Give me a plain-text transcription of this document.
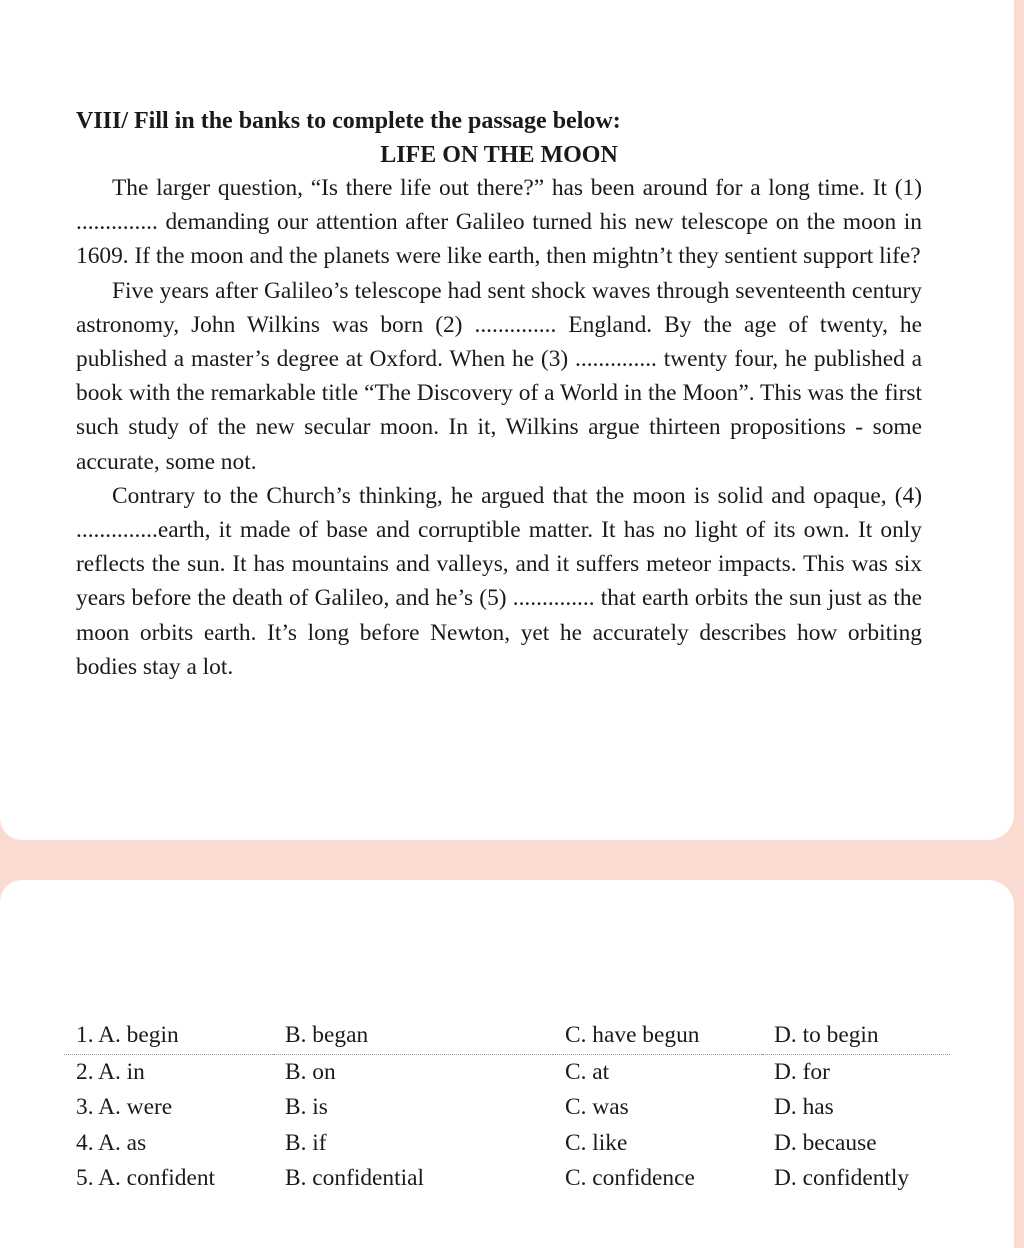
VIII/ Fill in the banks to complete the passage below:
LIFE ON THE MOON

The larger question, “Is there life out there?” has been around for a long time. It (1) .............. demanding our attention after Galileo turned his new telescope on the moon in 1609. If the moon and the planets were like earth, then mightn’t they sentient support life?

Five years after Galileo’s telescope had sent shock waves through seventeenth century astronomy, John Wilkins was born (2) .............. England. By the age of twenty, he published a master’s degree at Oxford. When he (3) .............. twenty four, he published a book with the remarkable title “The Discovery of a World in the Moon”. This was the first such study of the new secular moon. In it, Wilkins argue thirteen propositions - some accurate, some not.

Contrary to the Church’s thinking, he argued that the moon is solid and opaque, (4) ..............earth, it made of base and corruptible matter. It has no light of its own. It only reflects the sun. It has mountains and valleys, and it suffers meteor impacts. This was six years before the death of Galileo, and he’s (5) .............. that earth orbits the sun just as the moon orbits earth. It’s long before Newton, yet he accurately describes how orbiting bodies stay a lot.

1. A. begin	B. began	C. have begun	D. to begin
2. A. in	B. on	C. at	D. for
3. A. were	B. is	C. was	D. has
4. A. as	B. if	C. like	D. because
5. A. confident	B. confidential	C. confidence	D. confidently
